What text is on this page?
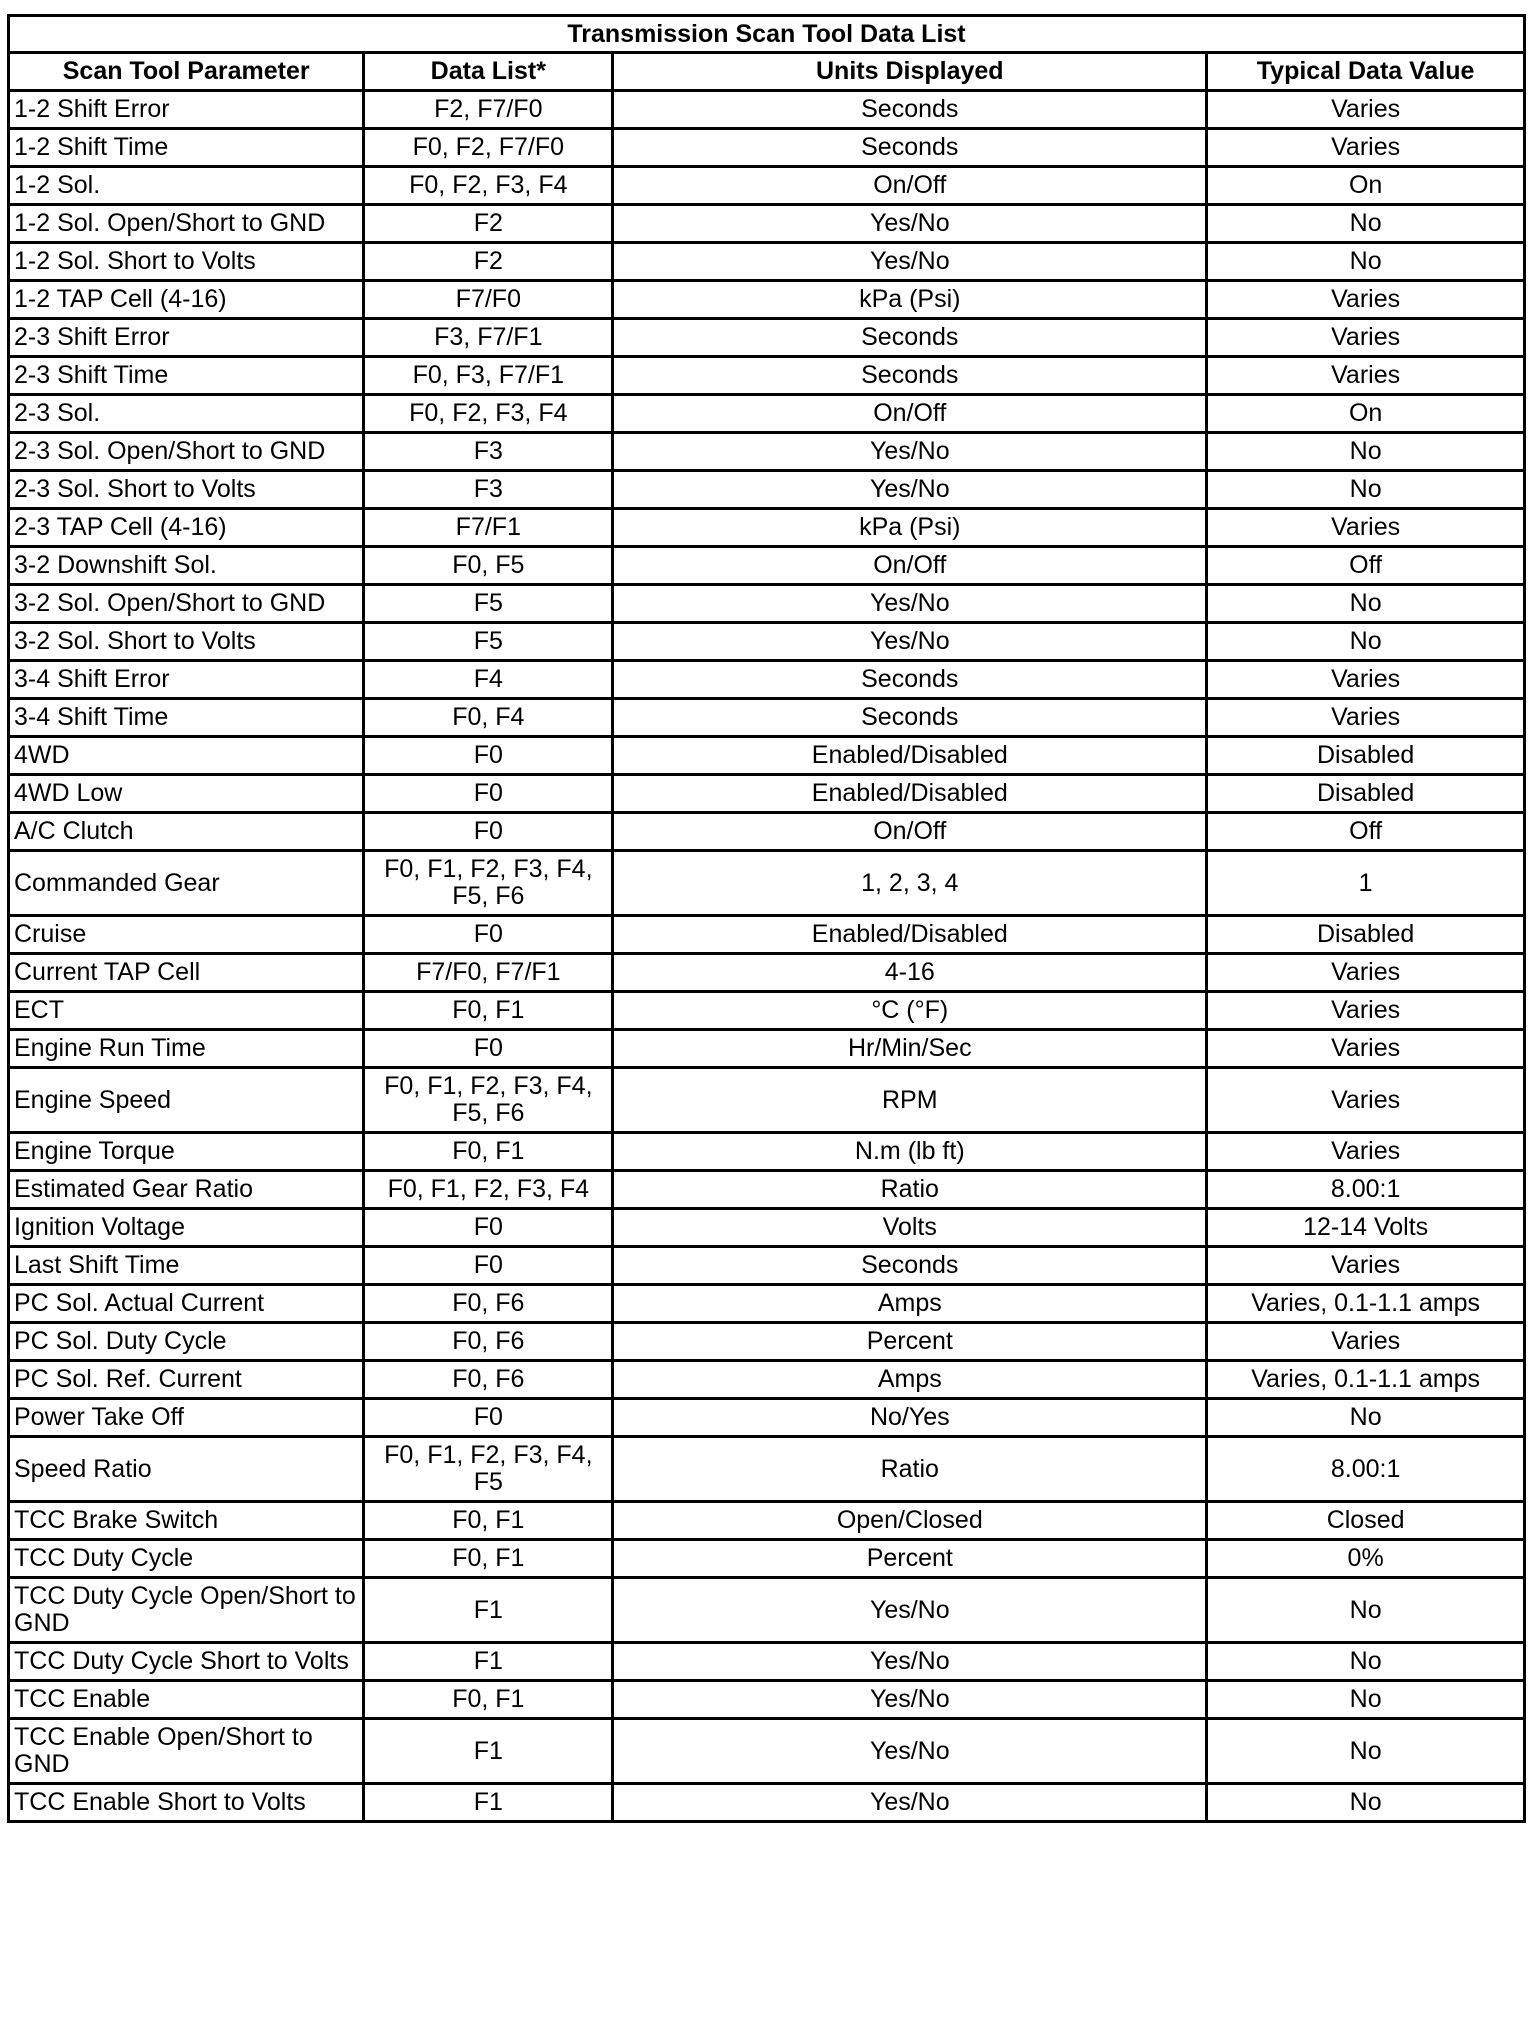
Transmission Scan Tool Data List			
Scan Tool Parameter	Data List*	Units Displayed	Typical Data Value
1-2 Shift Error	F2, F7/F0	Seconds	Varies
1-2 Shift Time	F0, F2, F7/F0	Seconds	Varies
1-2 Sol.	F0, F2, F3, F4	On/Off	On
1-2 Sol. Open/Short to GND	F2	Yes/No	No
1-2 Sol. Short to Volts	F2	Yes/No	No
1-2 TAP Cell (4-16)	F7/F0	kPa (Psi)	Varies
2-3 Shift Error	F3, F7/F1	Seconds	Varies
2-3 Shift Time	F0, F3, F7/F1	Seconds	Varies
2-3 Sol.	F0, F2, F3, F4	On/Off	On
2-3 Sol. Open/Short to GND	F3	Yes/No	No
2-3 Sol. Short to Volts	F3	Yes/No	No
2-3 TAP Cell (4-16)	F7/F1	kPa (Psi)	Varies
3-2 Downshift Sol.	F0, F5	On/Off	Off
3-2 Sol. Open/Short to GND	F5	Yes/No	No
3-2 Sol. Short to Volts	F5	Yes/No	No
3-4 Shift Error	F4	Seconds	Varies
3-4 Shift Time	F0, F4	Seconds	Varies
4WD	F0	Enabled/Disabled	Disabled
4WD Low	F0	Enabled/Disabled	Disabled
A/C Clutch	F0	On/Off	Off
Commanded Gear	F0, F1, F2, F3, F4, F5, F6	1, 2, 3, 4	1
Cruise	F0	Enabled/Disabled	Disabled
Current TAP Cell	F7/F0, F7/F1	4-16	Varies
ECT	F0, F1	°C (°F)	Varies
Engine Run Time	F0	Hr/Min/Sec	Varies
Engine Speed	F0, F1, F2, F3, F4, F5, F6	RPM	Varies
Engine Torque	F0, F1	N.m (lb ft)	Varies
Estimated Gear Ratio	F0, F1, F2, F3, F4	Ratio	8.00:1
Ignition Voltage	F0	Volts	12-14 Volts
Last Shift Time	F0	Seconds	Varies
PC Sol. Actual Current	F0, F6	Amps	Varies, 0.1-1.1 amps
PC Sol. Duty Cycle	F0, F6	Percent	Varies
PC Sol. Ref. Current	F0, F6	Amps	Varies, 0.1-1.1 amps
Power Take Off	F0	No/Yes	No
Speed Ratio	F0, F1, F2, F3, F4, F5	Ratio	8.00:1
TCC Brake Switch	F0, F1	Open/Closed	Closed
TCC Duty Cycle	F0, F1	Percent	0%
TCC Duty Cycle Open/Short to GND	F1	Yes/No	No
TCC Duty Cycle Short to Volts	F1	Yes/No	No
TCC Enable	F0, F1	Yes/No	No
TCC Enable Open/Short to GND	F1	Yes/No	No
TCC Enable Short to Volts	F1	Yes/No	No
